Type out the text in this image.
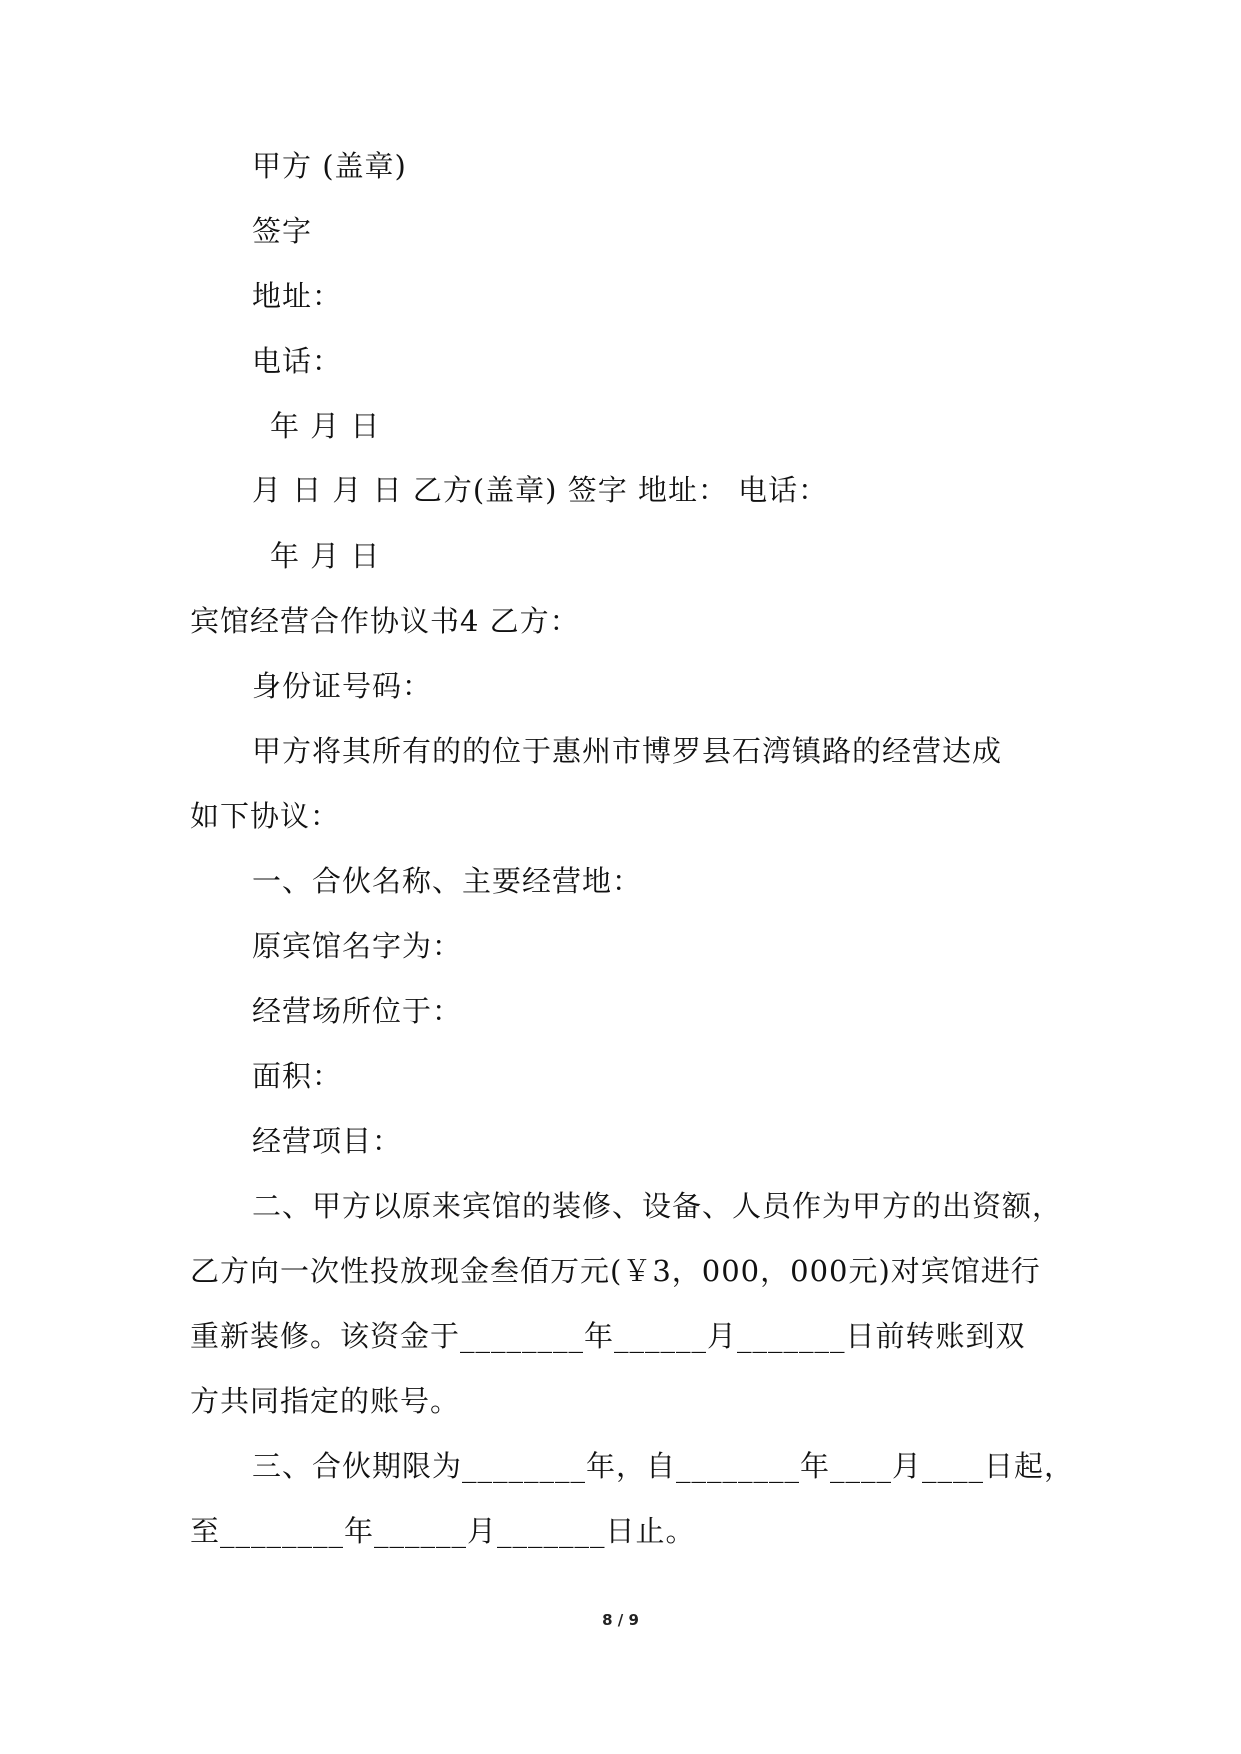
甲方 (盖章)
签字
地址：
电话：
年 月 日
月 日 月 日 乙方(盖章) 签字 地址： 电话：
年 月 日
宾馆经营合作协议书4 乙方：
身份证号码：
甲方将其所有的的位于惠州市博罗县石湾镇路的经营达成
如下协议：
一、合伙名称、主要经营地：
原宾馆名字为：
经营场所位于：
面积：
经营项目：
二、甲方以原来宾馆的装修、设备、人员作为甲方的出资额，
乙方向一次性投放现金叁佰万元(￥3，000，000元)对宾馆进行
重新装修。该资金于________年______月_______日前转账到双
方共同指定的账号。
三、合伙期限为________年，自________年____月____日起，
至________年______月_______日止。
8 / 9
